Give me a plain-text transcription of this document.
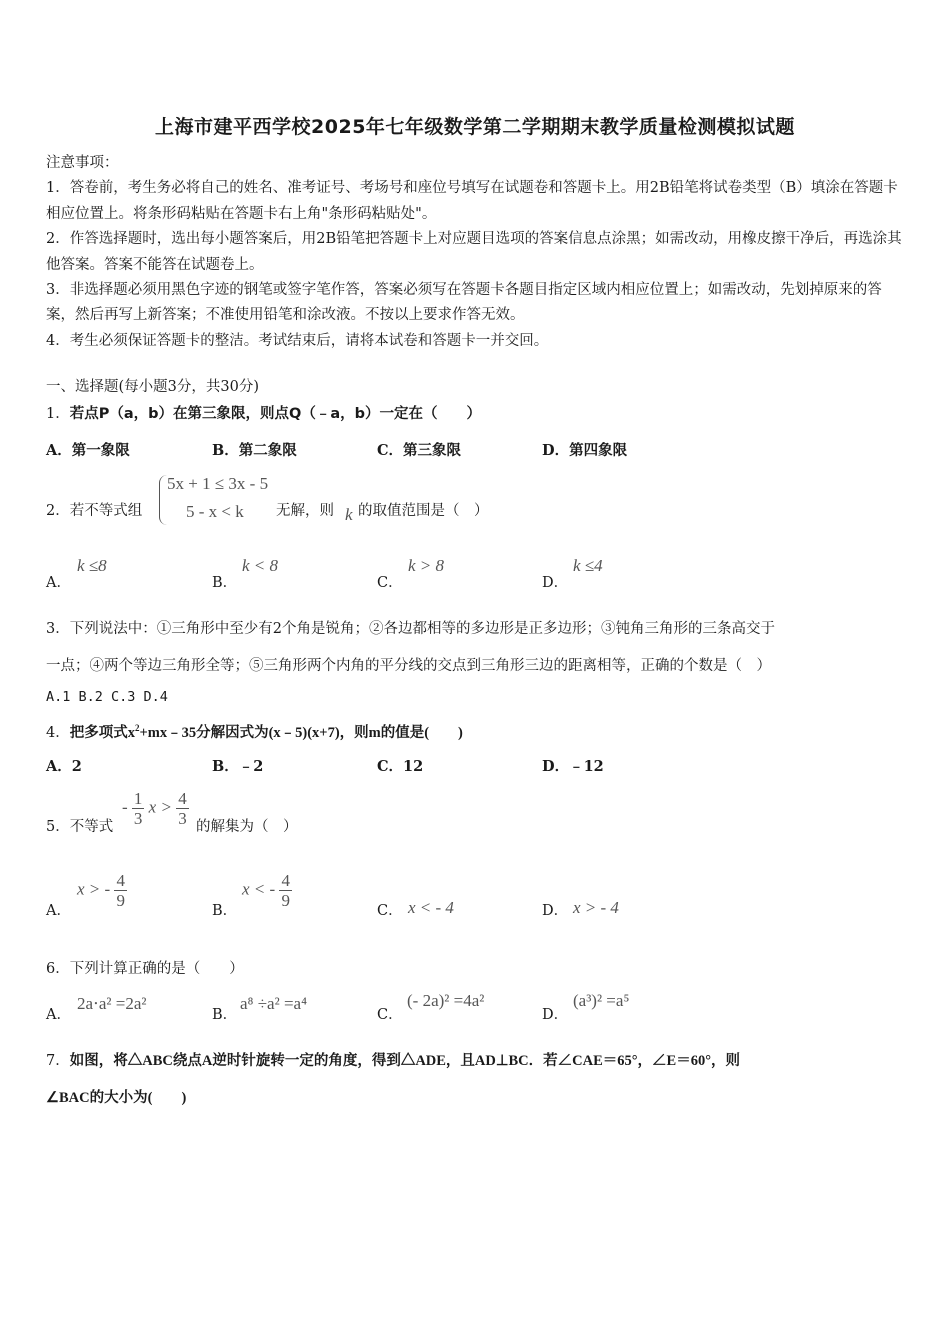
上海市建平西学校2025年七年级数学第二学期期末教学质量检测模拟试题

注意事项：

1．答卷前，考生务必将自己的姓名、准考证号、考场号和座位号填写在试题卷和答题卡上。用2B铅笔将试卷类型（B）填涂在答题卡相应位置上。将条形码粘贴在答题卡右上角"条形码粘贴处"。

2．作答选择题时，选出每小题答案后，用2B铅笔把答题卡上对应题目选项的答案信息点涂黑；如需改动，用橡皮擦干净后，再选涂其他答案。答案不能答在试题卷上。

3．非选择题必须用黑色字迹的钢笔或签字笔作答，答案必须写在答题卡各题目指定区域内相应位置上；如需改动，先划掉原来的答案，然后再写上新答案；不准使用铅笔和涂改液。不按以上要求作答无效。

4．考生必须保证答题卡的整洁。考试结束后，请将本试卷和答题卡一并交回。

一、选择题(每小题3分，共30分)
1．若点P（a，b）在第三象限，则点Q（﹣a，b）一定在（　　）
A．第一象限	B．第二象限	C．第三象限	D．第四象限
2．若不等式组
5x + 1 ≤ 3x - 5
5 - x < k 无解，则 k 的取值范围是（　）
A．
k ≤8
B．
k < 8
C．
k > 8
D．
k ≤4
3．下列说法中：①三角形中至少有2个角是锐角；②各边都相等的多边形是正多边形；③钝角三角形的三条高交于
一点；④两个等边三角形全等；⑤三角形两个内角的平分线的交点到三角形三边的距离相等，正确的个数是（　）
A.1 B.2 C.3 D.4
4．把多项式$x^2+mx﹣35$分解因式为(x﹣5)(x+7)，则m的值是(　　)
A．2	B．﹣2	C．12	D．﹣12
5．不等式
- $\frac{1}{3}$ $x > \frac{4}{3}$ 的解集为（　）
A．
x > - $\frac{4}{9}$
B．
x < - $\frac{4}{9}$
C． x < - 4	D． x > - 4
6．下列计算正确的是（　　）
A．
2a⋅a² =2a²
B．
a⁸ ÷a² =a⁴
C．
(- 2a)² =4a²
D．
(a³)² =a⁵
7．如图，将△ABC绕点A逆时针旋转一定的角度，得到△ADE，且AD⊥BC．若∠CAE＝65°，∠E＝60°，则
∠BAC的大小为(　　)
